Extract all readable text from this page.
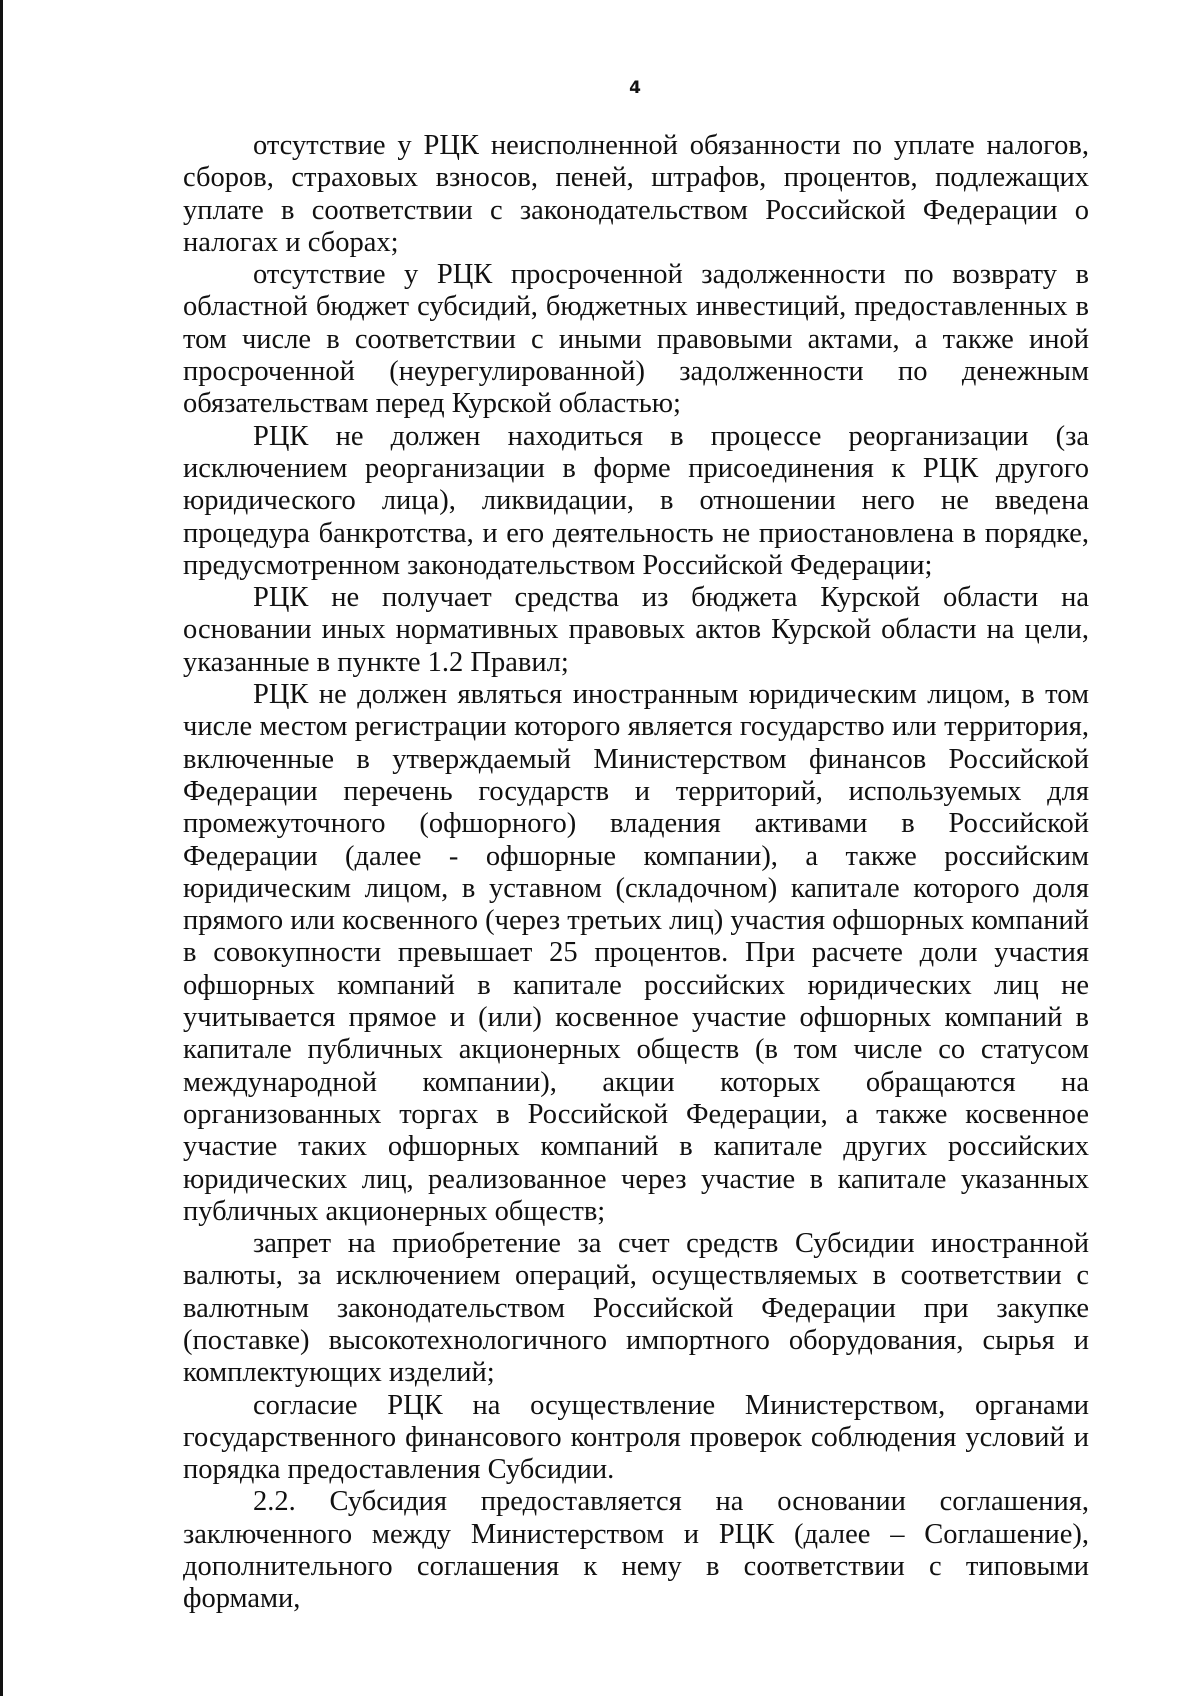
4

отсутствие у РЦК неисполненной обязанности по уплате налогов, сборов, страховых взносов, пеней, штрафов, процентов, подлежащих уплате в соответствии с законодательством Российской Федерации о налогах и сборах;

отсутствие у РЦК просроченной задолженности по возврату в областной бюджет субсидий, бюджетных инвестиций, предоставленных в том числе в соответствии с иными правовыми актами, а также иной просроченной (неурегулированной) задолженности по денежным обязательствам перед Курской областью;

РЦК не должен находиться в процессе реорганизации (за исключением реорганизации в форме присоединения к РЦК другого юридического лица), ликвидации, в отношении него не введена процедура банкротства, и его деятельность не приостановлена в порядке, предусмотренном законодательством Российской Федерации;

РЦК не получает средства из бюджета Курской области на основании иных нормативных правовых актов Курской области на цели, указанные в пункте 1.2 Правил;

РЦК не должен являться иностранным юридическим лицом, в том числе местом регистрации которого является государство или территория, включенные в утверждаемый Министерством финансов Российской Федерации перечень государств и территорий, используемых для промежуточного (офшорного) владения активами в Российской Федерации (далее - офшорные компании), а также российским юридическим лицом, в уставном (складочном) капитале которого доля прямого или косвенного (через третьих лиц) участия офшорных компаний в совокупности превышает 25 процентов. При расчете доли участия офшорных компаний в капитале российских юридических лиц не учитывается прямое и (или) косвенное участие офшорных компаний в капитале публичных акционерных обществ (в том числе со статусом международной компании), акции которых обращаются на организованных торгах в Российской Федерации, а также косвенное участие таких офшорных компаний в капитале других российских юридических лиц, реализованное через участие в капитале указанных публичных акционерных обществ;

запрет на приобретение за счет средств Субсидии иностранной валюты, за исключением операций, осуществляемых в соответствии с валютным законодательством Российской Федерации при закупке (поставке) высокотехнологичного импортного оборудования, сырья и комплектующих изделий;

согласие РЦК на осуществление Министерством, органами государственного финансового контроля проверок соблюдения условий и порядка предоставления Субсидии.

2.2. Субсидия предоставляется на основании соглашения, заключенного между Министерством и РЦК (далее – Соглашение), дополнительного соглашения к нему в соответствии с типовыми формами,
